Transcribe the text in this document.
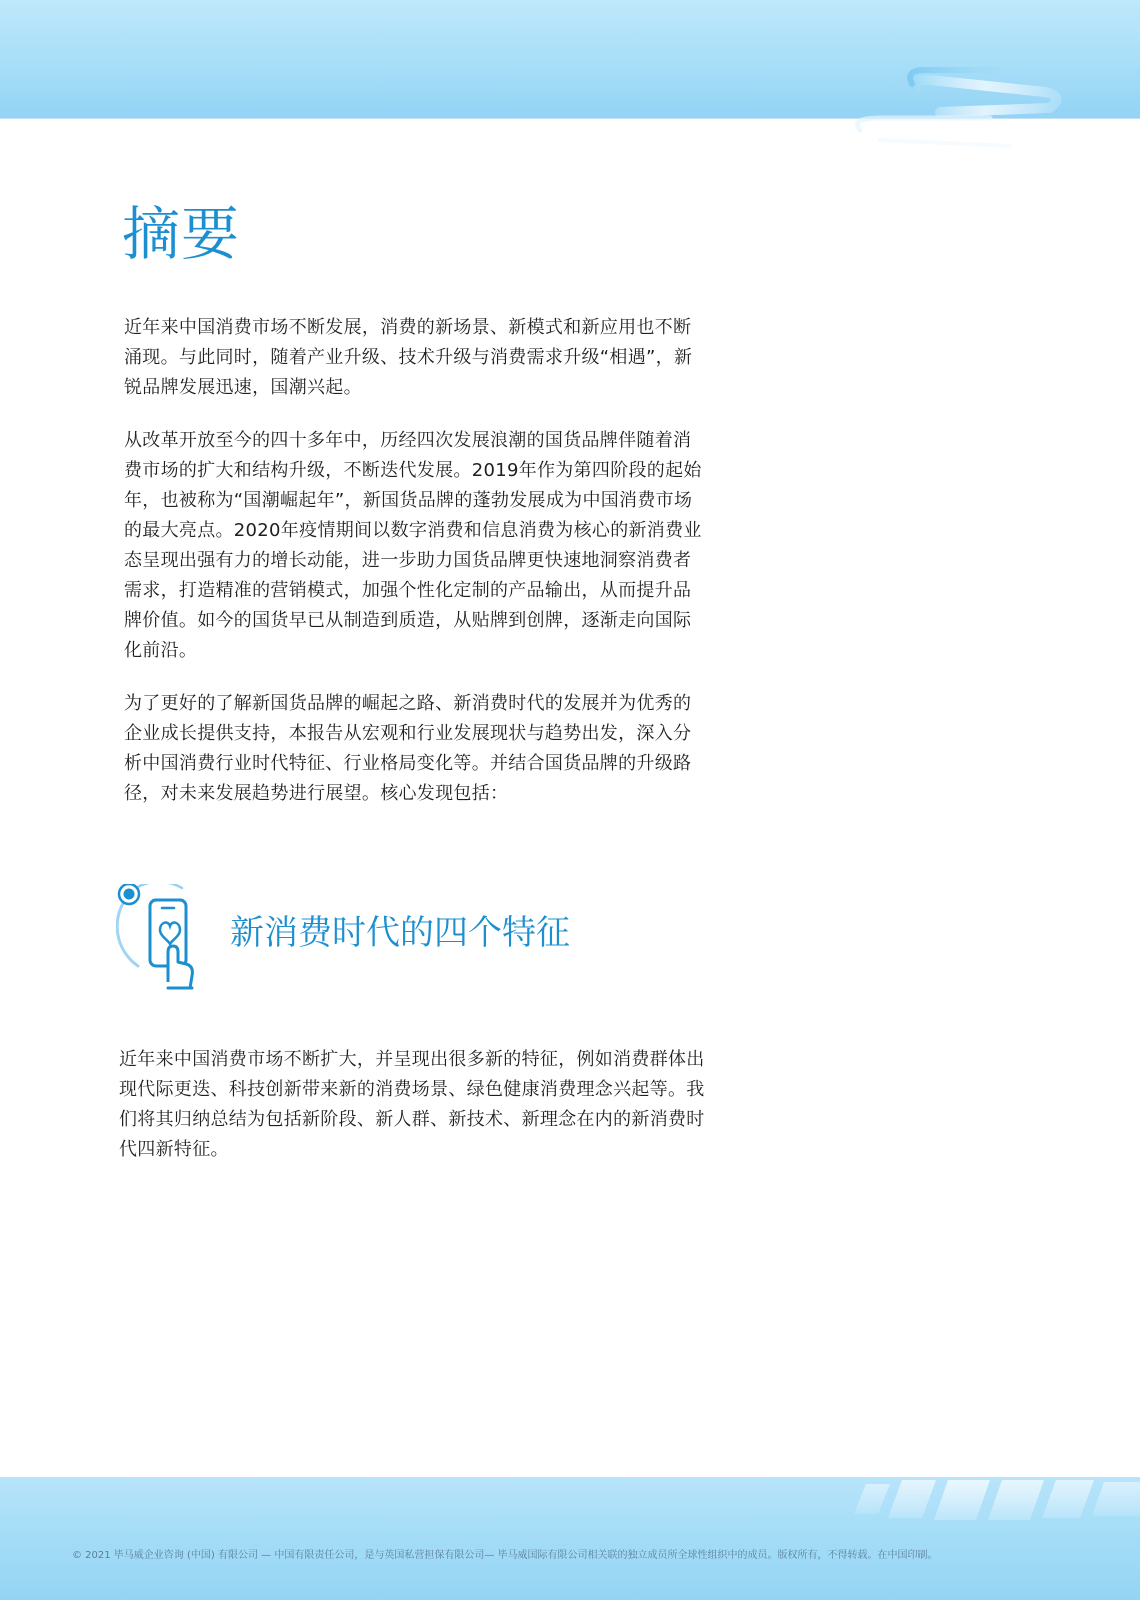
摘要

近年来中国消费市场不断发展，消费的新场景、新模式和新应用也不断涌现。与此同时，随着产业升级、技术升级与消费需求升级“相遇”，新锐品牌发展迅速，国潮兴起。

从改革开放至今的四十多年中，历经四次发展浪潮的国货品牌伴随着消费市场的扩大和结构升级，不断迭代发展。2019年作为第四阶段的起始年，也被称为“国潮崛起年”，新国货品牌的蓬勃发展成为中国消费市场的最大亮点。2020年疫情期间以数字消费和信息消费为核心的新消费业态呈现出强有力的增长动能，进一步助力国货品牌更快速地洞察消费者需求，打造精准的营销模式，加强个性化定制的产品输出，从而提升品牌价值。如今的国货早已从制造到质造，从贴牌到创牌，逐渐走向国际化前沿。

为了更好的了解新国货品牌的崛起之路、新消费时代的发展并为优秀的企业成长提供支持，本报告从宏观和行业发展现状与趋势出发，深入分析中国消费行业时代特征、行业格局变化等。并结合国货品牌的升级路径，对未来发展趋势进行展望。核心发现包括：

新消费时代的四个特征

近年来中国消费市场不断扩大，并呈现出很多新的特征，例如消费群体出现代际更迭、科技创新带来新的消费场景、绿色健康消费理念兴起等。我们将其归纳总结为包括新阶段、新人群、新技术、新理念在内的新消费时代四新特征。

© 2021 毕马威企业咨询 (中国) 有限公司 — 中国有限责任公司，是与英国私营担保有限公司— 毕马威国际有限公司相关联的独立成员所全球性组织中的成员。版权所有，不得转载。在中国印刷。
